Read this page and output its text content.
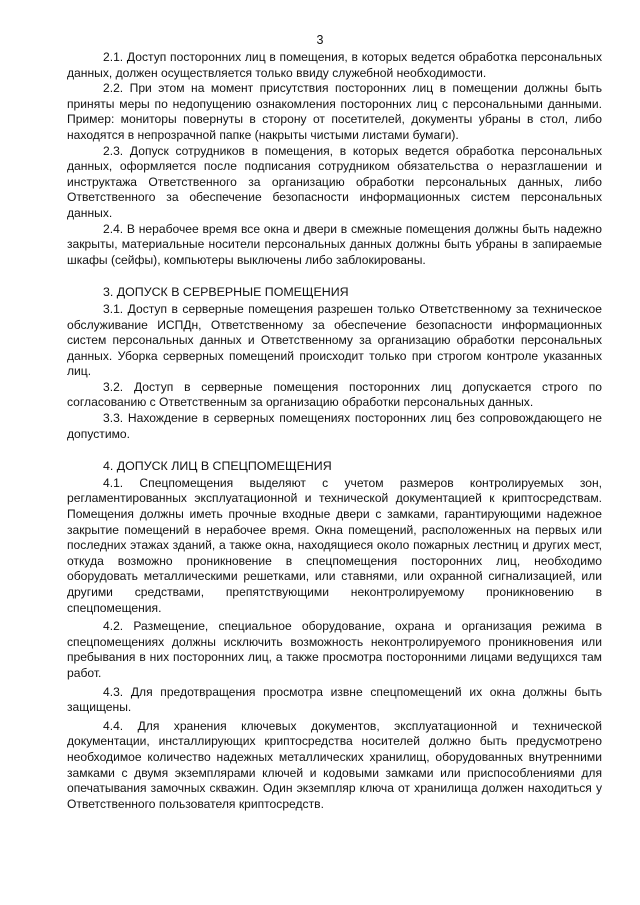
3

2.1. Доступ посторонних лиц в помещения, в которых ведется обработка персональных данных, должен осуществляется только ввиду служебной необходимости.

2.2. При этом на момент присутствия посторонних лиц в помещении должны быть приняты меры по недопущению ознакомления посторонних лиц с персональными данными. Пример: мониторы повернуты в сторону от посетителей, документы убраны в стол, либо находятся в непрозрачной папке (накрыты чистыми листами бумаги).

2.3. Допуск сотрудников в помещения, в которых ведется обработка персональных данных, оформляется после подписания сотрудником обязательства о неразглашении и инструктажа Ответственного за организацию обработки персональных данных, либо Ответственного за обеспечение безопасности информационных систем персональных данных.

2.4. В нерабочее время все окна и двери в смежные помещения должны быть надежно закрыты, материальные носители персональных данных должны быть убраны в запираемые шкафы (сейфы), компьютеры выключены либо заблокированы.

3. ДОПУСК В СЕРВЕРНЫЕ ПОМЕЩЕНИЯ

3.1. Доступ в серверные помещения разрешен только Ответственному за техническое обслуживание ИСПДн, Ответственному за обеспечение безопасности информационных систем персональных данных и Ответственному за организацию обработки персональных данных. Уборка серверных помещений происходит только при строгом контроле указанных лиц.

3.2. Доступ в серверные помещения посторонних лиц допускается строго по согласованию с Ответственным за организацию обработки персональных данных.

3.3. Нахождение в серверных помещениях посторонних лиц без сопровождающего не допустимо.

4. ДОПУСК ЛИЦ В СПЕЦПОМЕЩЕНИЯ

4.1. Спецпомещения выделяют с учетом размеров контролируемых зон, регламентированных эксплуатационной и технической документацией к криптосредствам. Помещения должны иметь прочные входные двери с замками, гарантирующими надежное закрытие помещений в нерабочее время. Окна помещений, расположенных на первых или последних этажах зданий, а также окна, находящиеся около пожарных лестниц и других мест, откуда возможно проникновение в спецпомещения посторонних лиц, необходимо оборудовать металлическими решетками, или ставнями, или охранной сигнализацией, или другими средствами, препятствующими неконтролируемому проникновению в спецпомещения.

4.2. Размещение, специальное оборудование, охрана и организация режима в спецпомещениях должны исключить возможность неконтролируемого проникновения или пребывания в них посторонних лиц, а также просмотра посторонними лицами ведущихся там работ.

4.3. Для предотвращения просмотра извне спецпомещений их окна должны быть защищены.

4.4. Для хранения ключевых документов, эксплуатационной и технической документации, инсталлирующих криптосредства носителей должно быть предусмотрено необходимое количество надежных металлических хранилищ, оборудованных внутренними замками с двумя экземплярами ключей и кодовыми замками или приспособлениями для опечатывания замочных скважин. Один экземпляр ключа от хранилища должен находиться у Ответственного пользователя криптосредств.
